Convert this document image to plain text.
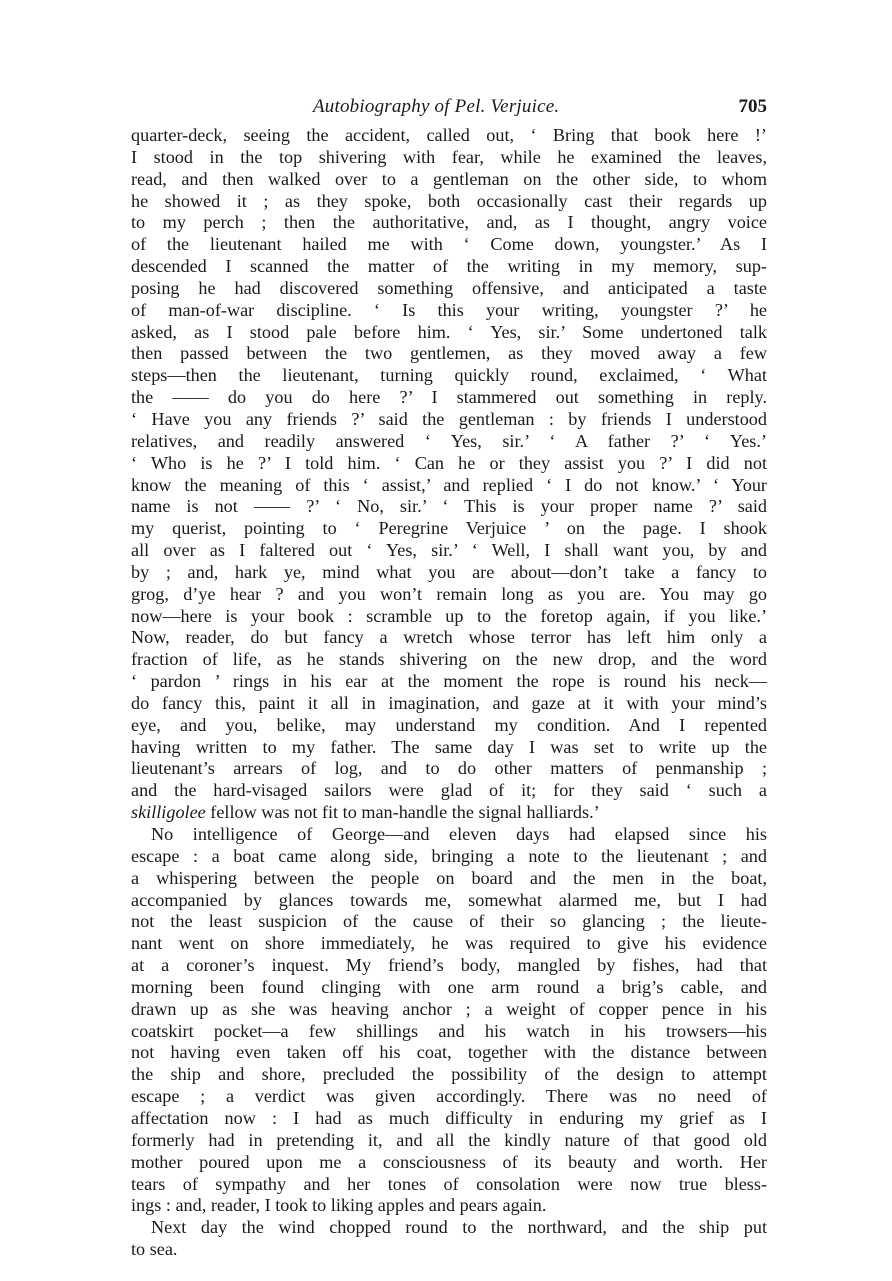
Autobiography of Pel. Verjuice.	705
quarter-deck, seeing the accident, called out, ‘ Bring that book here !’
I stood in the top shivering with fear, while he examined the leaves,
read, and then walked over to a gentleman on the other side, to whom
he showed it ; as they spoke, both occasionally cast their regards up
to my perch ; then the authoritative, and, as I thought, angry voice
of the lieutenant hailed me with ‘ Come down, youngster.’ As I
descended I scanned the matter of the writing in my memory, sup-
posing he had discovered something offensive, and anticipated a taste
of man-of-war discipline. ‘ Is this your writing, youngster ?’ he
asked, as I stood pale before him. ‘ Yes, sir.’ Some undertoned talk
then passed between the two gentlemen, as they moved away a few
steps—then the lieutenant, turning quickly round, exclaimed, ‘ What
the —— do you do here ?’ I stammered out something in reply.
‘ Have you any friends ?’ said the gentleman : by friends I understood
relatives, and readily answered ‘ Yes, sir.’ ‘ A father ?’ ‘ Yes.’
‘ Who is he ?’ I told him. ‘ Can he or they assist you ?’ I did not
know the meaning of this ‘ assist,’ and replied ‘ I do not know.’ ‘ Your
name is not —— ?’ ‘ No, sir.’ ‘ This is your proper name ?’ said
my querist, pointing to ‘ Peregrine Verjuice ’ on the page. I shook
all over as I faltered out ‘ Yes, sir.’ ‘ Well, I shall want you, by and
by ; and, hark ye, mind what you are about—don’t take a fancy to
grog, d’ye hear ? and you won’t remain long as you are. You may go
now—here is your book : scramble up to the foretop again, if you like.’
Now, reader, do but fancy a wretch whose terror has left him only a
fraction of life, as he stands shivering on the new drop, and the word
‘ pardon ’ rings in his ear at the moment the rope is round his neck—
do fancy this, paint it all in imagination, and gaze at it with your mind’s
eye, and you, belike, may understand my condition. And I repented
having written to my father. The same day I was set to write up the
lieutenant’s arrears of log, and to do other matters of penmanship ;
and the hard-visaged sailors were glad of it; for they said ‘ such a
skilligolee fellow was not fit to man-handle the signal halliards.’
No intelligence of George—and eleven days had elapsed since his
escape : a boat came along side, bringing a note to the lieutenant ; and
a whispering between the people on board and the men in the boat,
accompanied by glances towards me, somewhat alarmed me, but I had
not the least suspicion of the cause of their so glancing ; the lieute-
nant went on shore immediately, he was required to give his evidence
at a coroner’s inquest. My friend’s body, mangled by fishes, had that
morning been found clinging with one arm round a brig’s cable, and
drawn up as she was heaving anchor ; a weight of copper pence in his
coatskirt pocket—a few shillings and his watch in his trowsers—his
not having even taken off his coat, together with the distance between
the ship and shore, precluded the possibility of the design to attempt
escape ; a verdict was given accordingly. There was no need of
affectation now : I had as much difficulty in enduring my grief as I
formerly had in pretending it, and all the kindly nature of that good old
mother poured upon me a consciousness of its beauty and worth. Her
tears of sympathy and her tones of consolation were now true bless-
ings : and, reader, I took to liking apples and pears again.
Next day the wind chopped round to the northward, and the ship put
to sea.
